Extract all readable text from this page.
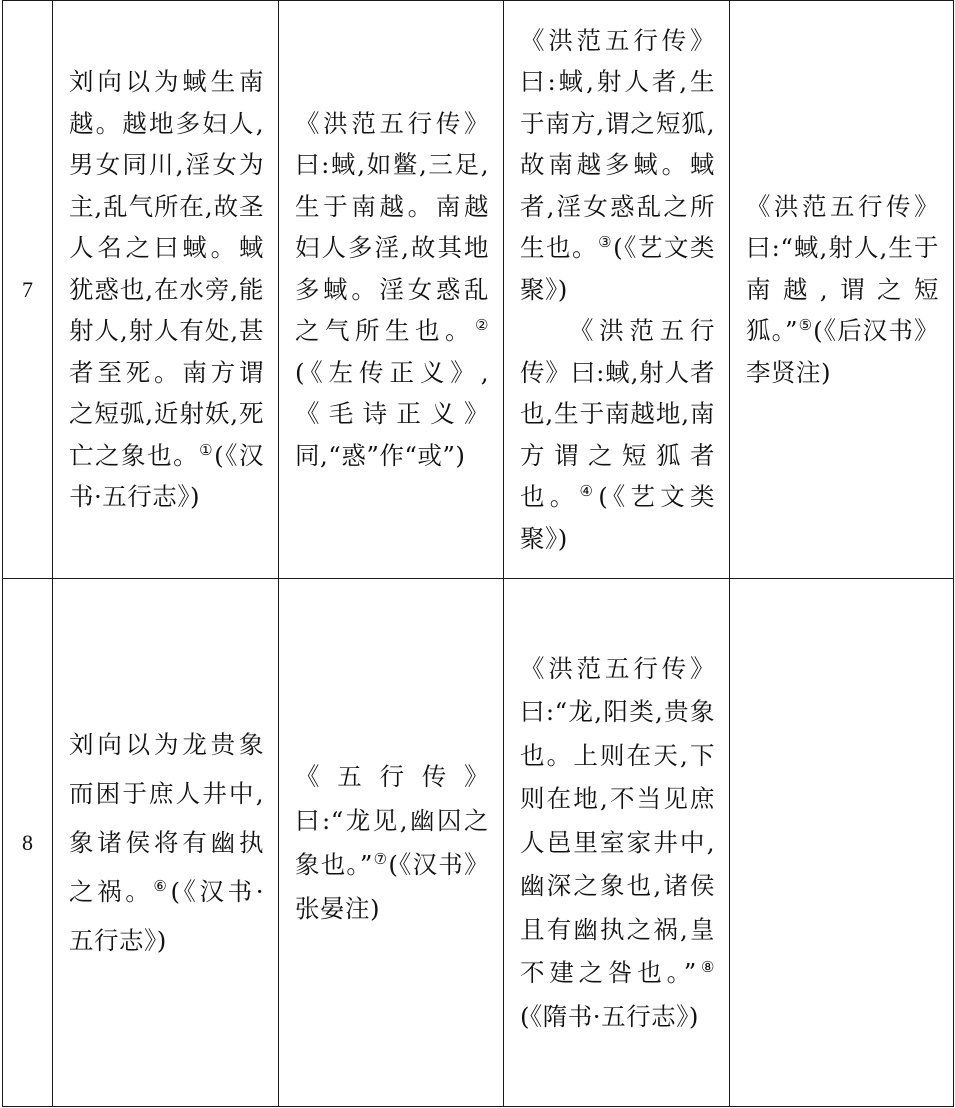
7	刘向以为蜮生南越。越地多妇人,男女同川,淫女为主,乱气所在,故圣人名之曰蜮。蜮犹惑也,在水旁,能射人,射人有处,甚者至死。南方谓之短弧,近射妖,死亡之象也。①(《汉书·五行志》)	《洪范五行传》曰:蜮,如鳖,三足,生于南越。南越妇人多淫,故其地多蜮。淫女惑乱之气所生也。②(《左传正义》,《毛诗正义》同,“惑”作“或”)	《洪范五行传》曰:蜮,射人者,生于南方,谓之短狐,故南越多蜮。蜮者,淫女惑乱之所生也。③(《艺文类聚》)
《洪范五行传》曰:蜮,射人者也,生于南越地,南方谓之短狐者也。④(《艺文类聚》)	《洪范五行传》曰:“蜮,射人,生于南越,谓之短狐。”⑤(《后汉书》李贤注)

8	刘向以为龙贵象而困于庶人井中,象诸侯将有幽执之祸。⑥(《汉书·五行志》)	《五行传》曰:“龙见,幽囚之象也。”⑦(《汉书》张晏注)	《洪范五行传》曰:“龙,阳类,贵象也。上则在天,下则在地,不当见庶人邑里室家井中,幽深之象也,诸侯且有幽执之祸,皇不建之咎也。”⑧(《隋书·五行志》)	
